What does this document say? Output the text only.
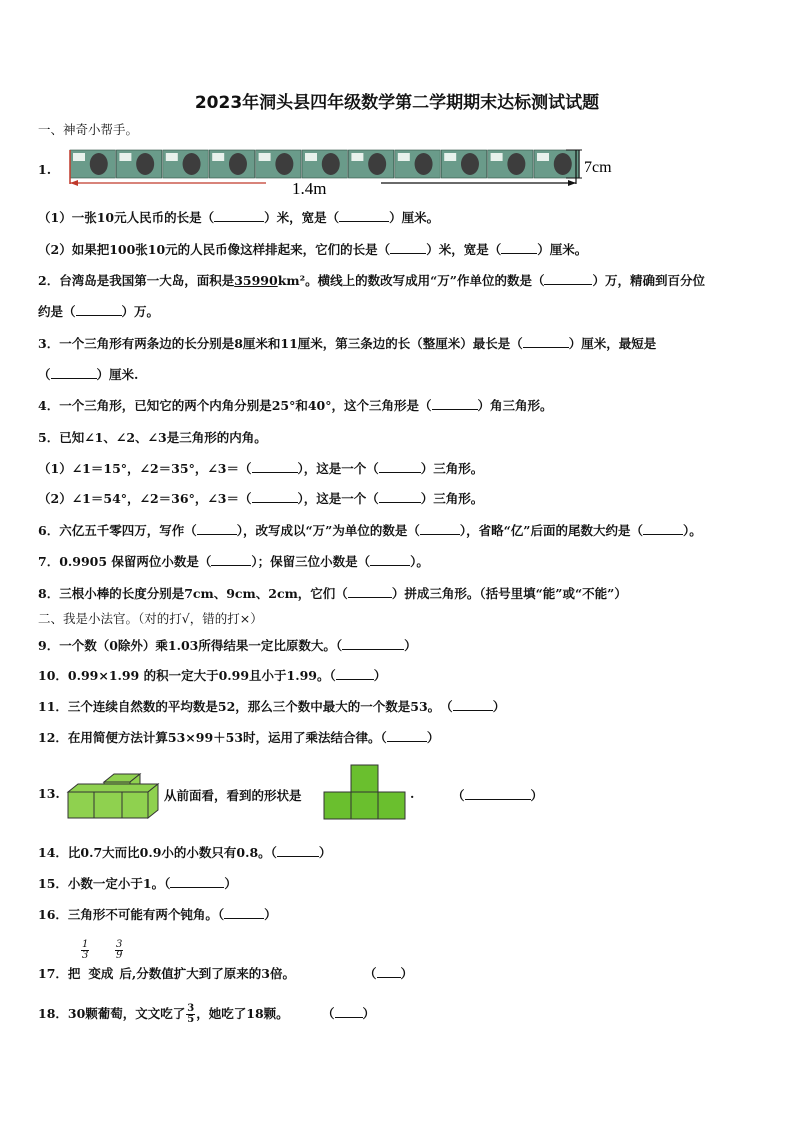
2023年洞头县四年级数学第二学期期末达标测试试题
一、神奇小帮手。
1.
1.4m
7cm
（1）一张10元人民币的长是（	）米，宽是（	）厘米。
（2）如果把100张10元的人民币像这样排起来，它们的长是（	）米，宽是（	）厘米。
2．台湾岛是我国第一大岛，面积是35990km²。横线上的数改写成用“万”作单位的数是（	）万，精确到百分位
约是（	）万。
3．一个三角形有两条边的长分别是8厘米和11厘米，第三条边的长（整厘米）最长是（	）厘米，最短是
（	）厘米.
4．一个三角形，已知它的两个内角分别是25°和40°，这个三角形是（	）角三角形。
5．已知∠1、∠2、∠3是三角形的内角。
（1）∠1＝15°，∠2＝35°，∠3＝（	），这是一个（	）三角形。
（2）∠1＝54°，∠2＝36°，∠3＝（	），这是一个（	）三角形。
6．六亿五千零四万，写作（	），改写成以“万”为单位的数是（	），省略“亿”后面的尾数大约是（	）。
7．0.9905 保留两位小数是（	）；保留三位小数是（	）。
8．三根小棒的长度分别是7cm、9cm、2cm，它们（	）拼成三角形。（括号里填“能”或“不能”）
二、我是小法官。（对的打√，错的打×）
9．一个数（0除外）乘1.03所得结果一定比原数大。（	）
10．0.99×1.99 的积一定大于0.99且小于1.99。（	）
11．三个连续自然数的平均数是52，那么三个数中最大的一个数是53。　（	）
12．在用简便方法计算53×99＋53时，运用了乘法结合律。（	）
13.	从前面看，看到的形状是	.	（	）
14．比0.7大而比0.9小的小数只有0.8。（	）
15．小数一定小于1。（	）
16．三角形不可能有两个钝角。（	）
$\frac{1}{3}$	$\frac{3}{9}$
17．把 变成 后,分数值扩大到了原来的3倍。	（ ）
18．30颗葡萄，文文吃了 $\frac{3}{5}$ ，她吃了18颗。	（ ）
